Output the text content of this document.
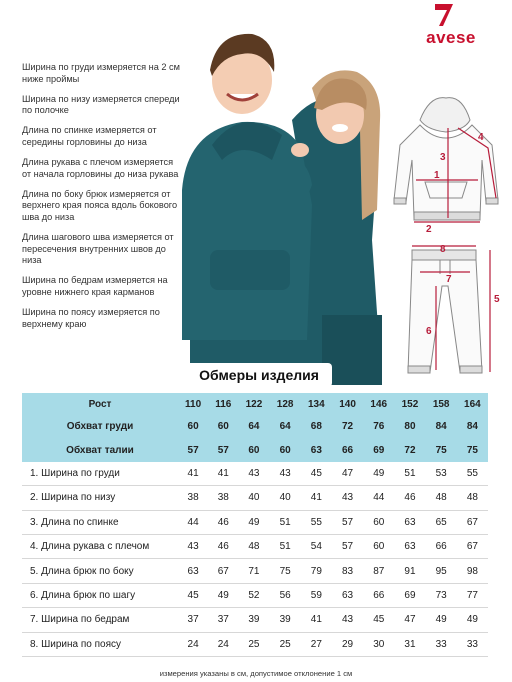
avese

Ширина по груди измеряется на 2 см ниже проймы

Ширина по низу измеряется спереди по полочке

Длина по спинке измеряется от середины горловины до низа

Длина рукава с плечом измеряется от начала горловины до низа рукава

Длина по боку брюк измеряется от верхнего края пояса вдоль бокового шва до низа

Длина шагового шва измеряется от пересечения внутренних швов до низа

Ширина по бедрам измеряется на уровне нижнего края карманов

Ширина по поясу измеряется по верхнему краю

1
2
3
4
5
6
7
8
Обмеры изделия
Рост	110	116	122	128	134	140	146	152	158	164
Обхват груди	60	60	64	64	68	72	76	80	84	84
Обхват талии	57	57	60	60	63	66	69	72	75	75
1. Ширина по груди	41	41	43	43	45	47	49	51	53	55
2. Ширина по низу	38	38	40	40	41	43	44	46	48	48
3. Длина по спинке	44	46	49	51	55	57	60	63	65	67
4. Длина рукава с плечом	43	46	48	51	54	57	60	63	66	67
5. Длина брюк по боку	63	67	71	75	79	83	87	91	95	98
6. Длина брюк по шагу	45	49	52	56	59	63	66	69	73	77
7. Ширина по бедрам	37	37	39	39	41	43	45	47	49	49
8. Ширина по поясу	24	24	25	25	27	29	30	31	33	33
измерения указаны в см, допустимое отклонение 1 см
